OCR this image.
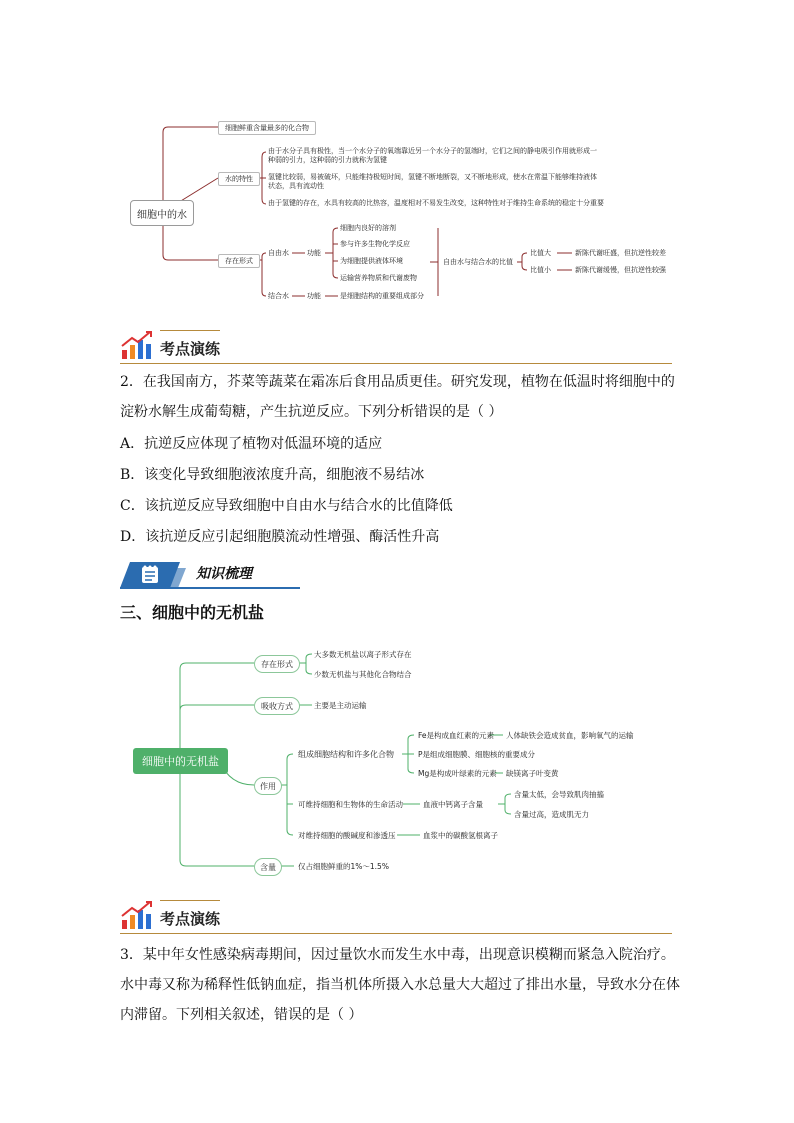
细胞中的水
细胞鲜重含量最多的化合物
水的特性
由于水分子具有极性，当一个水分子的氧端靠近另一个水分子的氢端时，它们之间的静电吸引作用就形成一种弱的引力，这种弱的引力就称为氢键
氢键比较弱，易被破坏，只能维持极短时间，氢键不断地断裂，又不断地形成，使水在常温下能够维持液体状态，具有流动性
由于氢键的存在，水具有较高的比热容，温度相对不易发生改变，这种特性对于维持生命系统的稳定十分重要
存在形式
自由水	功能
细胞内良好的溶剂
参与许多生物化学反应
为细胞提供液体环境
运输营养物质和代谢废物
结合水	功能	是细胞结构的重要组成部分
自由水与结合水的比值
比值大	新陈代谢旺盛，但抗逆性较差
比值小	新陈代谢缓慢，但抗逆性较强
考点演练
2．在我国南方，芥菜等蔬菜在霜冻后食用品质更佳。研究发现，植物在低温时将细胞中的淀粉水解生成葡萄糖，产生抗逆反应。下列分析错误的是（ ）
A．抗逆反应体现了植物对低温环境的适应
B．该变化导致细胞液浓度升高，细胞液不易结冰
C．该抗逆反应导致细胞中自由水与结合水的比值降低
D．该抗逆反应引起细胞膜流动性增强、酶活性升高
知识梳理
三、细胞中的无机盐
细胞中的无机盐
存在形式
大多数无机盐以离子形式存在
少数无机盐与其他化合物结合
吸收方式	主要是主动运输
作用
组成细胞结构和许多化合物
Fe是构成血红素的元素 人体缺铁会造成贫血，影响氧气的运输
P是组成细胞膜、细胞核的重要成分
Mg是构成叶绿素的元素 缺镁离子叶变黄
可维持细胞和生物体的生命活动	血液中钙离子含量
含量太低，会导致肌肉抽搐
含量过高，造成肌无力
对维持细胞的酸碱度和渗透压	血浆中的碳酸氢根离子
含量	仅占细胞鲜重的1%～1.5%
考点演练
3．某中年女性感染病毒期间，因过量饮水而发生水中毒，出现意识模糊而紧急入院治疗。水中毒又称为稀释性低钠血症，指当机体所摄入水总量大大超过了排出水量，导致水分在体内滞留。下列相关叙述，错误的是（ ）
